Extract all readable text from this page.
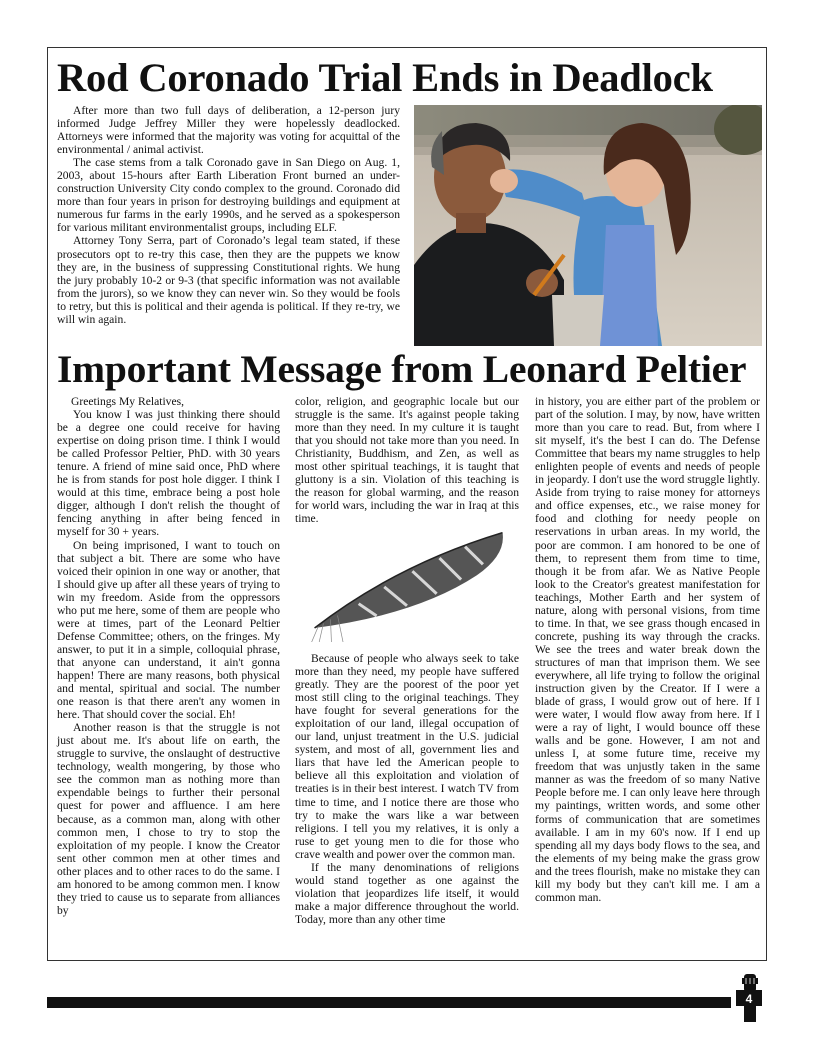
Rod Coronado Trial Ends in Deadlock

After more than two full days of deliberation, a 12-person jury informed Judge Jeffrey Miller they were hopelessly deadlocked. Attorneys were informed that the majority was voting for acquittal of the environmental / animal activist.

The case stems from a talk Coronado gave in San Diego on Aug. 1, 2003, about 15-hours after Earth Liberation Front burned an under-construction University City condo complex to the ground. Coronado did more than four years in prison for destroying buildings and equipment at numerous fur farms in the early 1990s, and he served as a spokesperson for various militant environmentalist groups, including ELF.

Attorney Tony Serra, part of Coronado’s legal team stated, if these prosecutors opt to re-try this case, then they are the puppets we know they are, in the business of suppressing Constitutional rights. We hung the jury probably 10-2 or 9-3 (that specific information was not available from the jurors), so we know they can never win. So they would be fools to retry, but this is political and their agenda is political. If they re-try, we will win again.

Important Message from Leonard Peltier

Greetings My Relatives,

You know I was just thinking there should be a degree one could receive for having expertise on doing prison time. I think I would be called Professor Peltier, PhD. with 30 years tenure. A friend of mine said once, PhD where he is from stands for post hole digger. I think I would at this time, embrace being a post hole digger, although I don't relish the thought of fencing anything in after being fenced in myself for 30 + years.

On being imprisoned, I want to touch on that subject a bit. There are some who have voiced their opinion in one way or another, that I should give up after all these years of trying to win my freedom. Aside from the oppressors who put me here, some of them are people who were at times, part of the Leonard Peltier Defense Committee; others, on the fringes. My answer, to put it in a simple, colloquial phrase, that anyone can understand, it ain't gonna happen! There are many reasons, both physical and mental, spiritual and social. The number one reason is that there aren't any women in here. That should cover the social. Eh!

Another reason is that the struggle is not just about me. It's about life on earth, the struggle to survive, the onslaught of destructive technology, wealth mongering, by those who see the common man as nothing more than expendable beings to further their personal quest for power and affluence. I am here because, as a common man, along with other common men, I chose to try to stop the exploitation of my people. I know the Creator sent other common men at other times and other places and to other races to do the same. I am honored to be among common men. I know they tried to cause us to separate from alliances by

color, religion, and geographic locale but our struggle is the same. It's against people taking more than they need. In my culture it is taught that you should not take more than you need. In Christianity, Buddhism, and Zen, as well as most other spiritual teachings, it is taught that gluttony is a sin. Violation of this teaching is the reason for global warming, and the reason for world wars, including the war in Iraq at this time.

Because of people who always seek to take more than they need, my people have suffered greatly. They are the poorest of the poor yet most still cling to the original teachings. They have fought for several generations for the exploitation of our land, illegal occupation of our land, unjust treatment in the U.S. judicial system, and most of all, government lies and liars that have led the American people to believe all this exploitation and violation of treaties is in their best interest. I watch TV from time to time, and I notice there are those who try to make the wars like a war between religions. I tell you my relatives, it is only a ruse to get young men to die for those who crave wealth and power over the common man.

If the many denominations of religions would stand together as one against the violation that jeopardizes life itself, it would make a major difference throughout the world. Today, more than any other time

in history, you are either part of the problem or part of the solution. I may, by now, have written more than you care to read. But, from where I sit myself, it's the best I can do. The Defense Committee that bears my name struggles to help enlighten people of events and needs of people in jeopardy. I don't use the word struggle lightly. Aside from trying to raise money for attorneys and office expenses, etc., we raise money for food and clothing for needy people on reservations in urban areas. In my world, the poor are common. I am honored to be one of them, to represent them from time to time, though it be from afar. We as Native People look to the Creator's greatest manifestation for teachings, Mother Earth and her system of nature, along with personal visions, from time to time. In that, we see grass though encased in concrete, pushing its way through the cracks. We see the trees and water break down the structures of man that imprison them. We see everywhere, all life trying to follow the original instruction given by the Creator. If I were a blade of grass, I would grow out of here. If I were water, I would flow away from here. If I were a ray of light, I would bounce off these walls and be gone. However, I am not and unless I, at some future time, receive my freedom that was unjustly taken in the same manner as was the freedom of so many Native People before me. I can only leave here through my paintings, written words, and some other forms of communication that are sometimes available. I am in my 60's now. If I end up spending all my days body flows to the sea, and the elements of my being make the grass grow and the trees flourish, make no mistake they can kill my body but they can't kill me. I am a common man.

4
